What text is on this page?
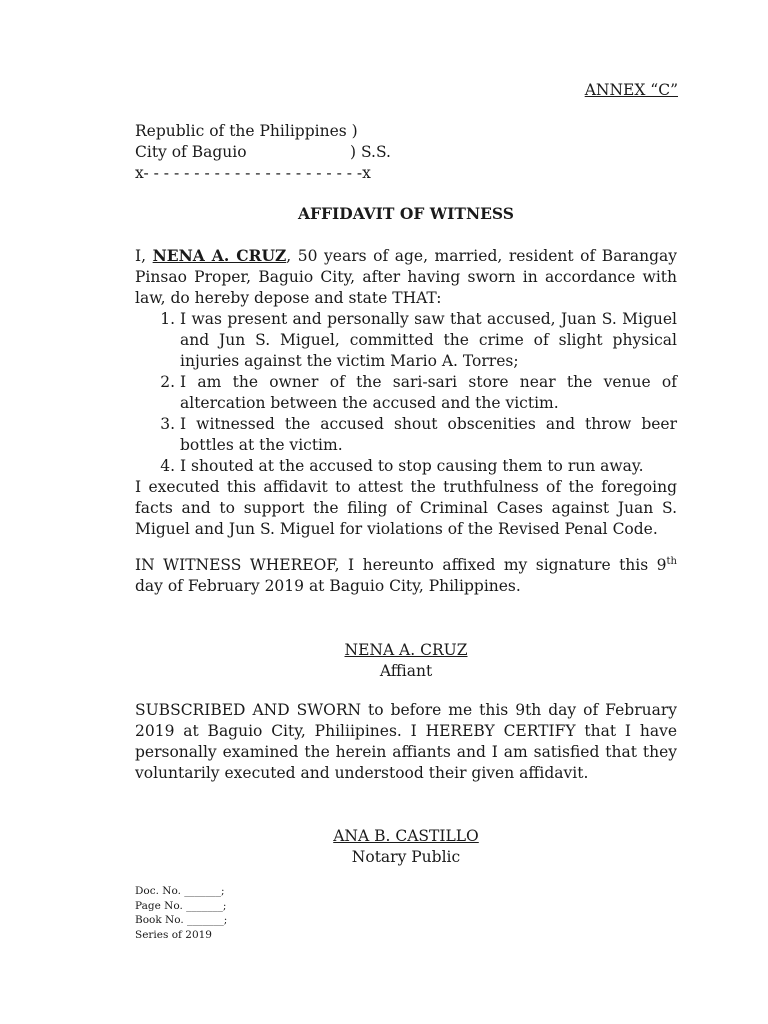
ANNEX “C”
Republic of the Philippines )
City of Baguio	) S.S.
x- - - - - - - - - - - - - - - - - - - - - -x
AFFIDAVIT OF WITNESS
I, NENA A. CRUZ, 50 years of age, married, resident of Barangay Pinsao Proper, Baguio City, after having sworn in accordance with law, do hereby depose and state THAT:
1. I was present and personally saw that accused, Juan S. Miguel and Jun S. Miguel, committed the crime of slight physical injuries against the victim Mario A. Torres;
2. I am the owner of the sari-sari store near the venue of altercation between the accused and the victim.
3. I witnessed the accused shout obscenities and throw beer bottles at the victim.
4. I shouted at the accused to stop causing them to run away.
I executed this affidavit to attest the truthfulness of the foregoing facts and to support the filing of Criminal Cases against Juan S. Miguel and Jun S. Miguel for violations of the Revised Penal Code.
IN WITNESS WHEREOF, I hereunto affixed my signature this 9th day of February 2019 at Baguio City, Philippines.
NENA A. CRUZ
Affiant
SUBSCRIBED AND SWORN to before me this 9th day of February 2019 at Baguio City, Philiipines. I HEREBY CERTIFY that I have personally examined the herein affiants and I am satisfied that they voluntarily executed and understood their given affidavit.
ANA B. CASTILLO
Notary Public
Doc. No. _______;
Page No. _______;
Book No. _______;
Series of 2019
